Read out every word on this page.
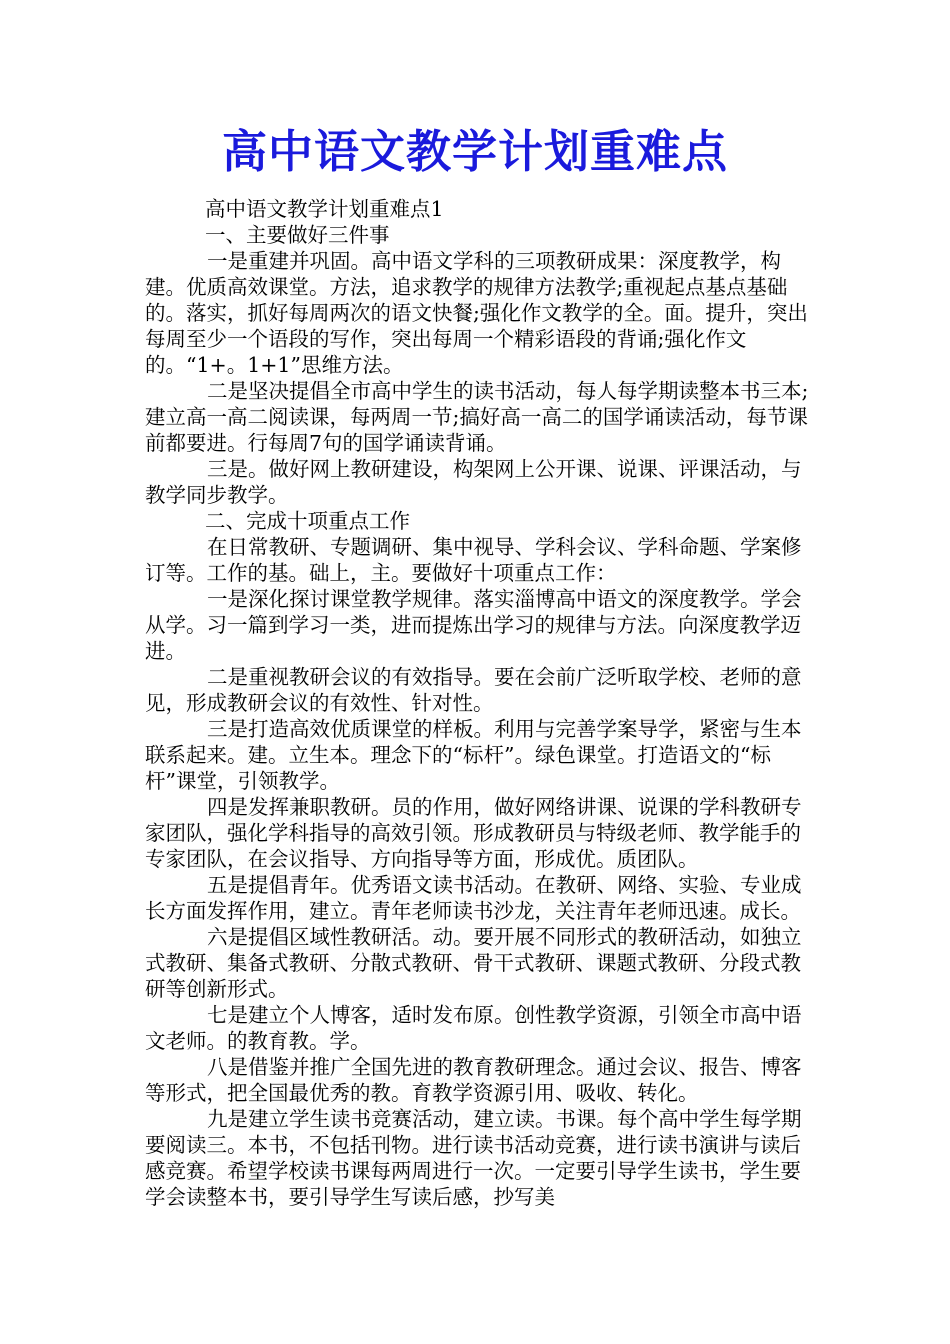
高中语文教学计划重难点

高中语文教学计划重难点1

一、主要做好三件事

一是重建并巩固。高中语文学科的三项教研成果：深度教学，构建。优质高效课堂。方法，追求教学的规律方法教学;重视起点基点基础的。落实，抓好每周两次的语文快餐;强化作文教学的全。面。提升，突出每周至少一个语段的写作，突出每周一个精彩语段的背诵;强化作文的。“1+。1+1”思维方法。

二是坚决提倡全市高中学生的读书活动，每人每学期读整本书三本;建立高一高二阅读课，每两周一节;搞好高一高二的国学诵读活动，每节课前都要进。行每周7句的国学诵读背诵。

三是。做好网上教研建设，构架网上公开课、说课、评课活动，与教学同步教学。

二、完成十项重点工作

在日常教研、专题调研、集中视导、学科会议、学科命题、学案修订等。工作的基。础上，主。要做好十项重点工作：

一是深化探讨课堂教学规律。落实淄博高中语文的深度教学。学会从学。习一篇到学习一类，进而提炼出学习的规律与方法。向深度教学迈进。

二是重视教研会议的有效指导。要在会前广泛听取学校、老师的意见，形成教研会议的有效性、针对性。

三是打造高效优质课堂的样板。利用与完善学案导学，紧密与生本联系起来。建。立生本。理念下的“标杆”。绿色课堂。打造语文的“标杆”课堂，引领教学。

四是发挥兼职教研。员的作用，做好网络讲课、说课的学科教研专家团队，强化学科指导的高效引领。形成教研员与特级老师、教学能手的专家团队，在会议指导、方向指导等方面，形成优。质团队。

五是提倡青年。优秀语文读书活动。在教研、网络、实验、专业成长方面发挥作用，建立。青年老师读书沙龙，关注青年老师迅速。成长。

六是提倡区域性教研活。动。要开展不同形式的教研活动，如独立式教研、集备式教研、分散式教研、骨干式教研、课题式教研、分段式教研等创新形式。

七是建立个人博客，适时发布原。创性教学资源，引领全市高中语文老师。的教育教。学。

八是借鉴并推广全国先进的教育教研理念。通过会议、报告、博客等形式，把全国最优秀的教。育教学资源引用、吸收、转化。

九是建立学生读书竞赛活动，建立读。书课。每个高中学生每学期要阅读三。本书，不包括刊物。进行读书活动竞赛，进行读书演讲与读后感竞赛。希望学校读书课每两周进行一次。一定要引导学生读书，学生要学会读整本书，要引导学生写读后感，抄写美
